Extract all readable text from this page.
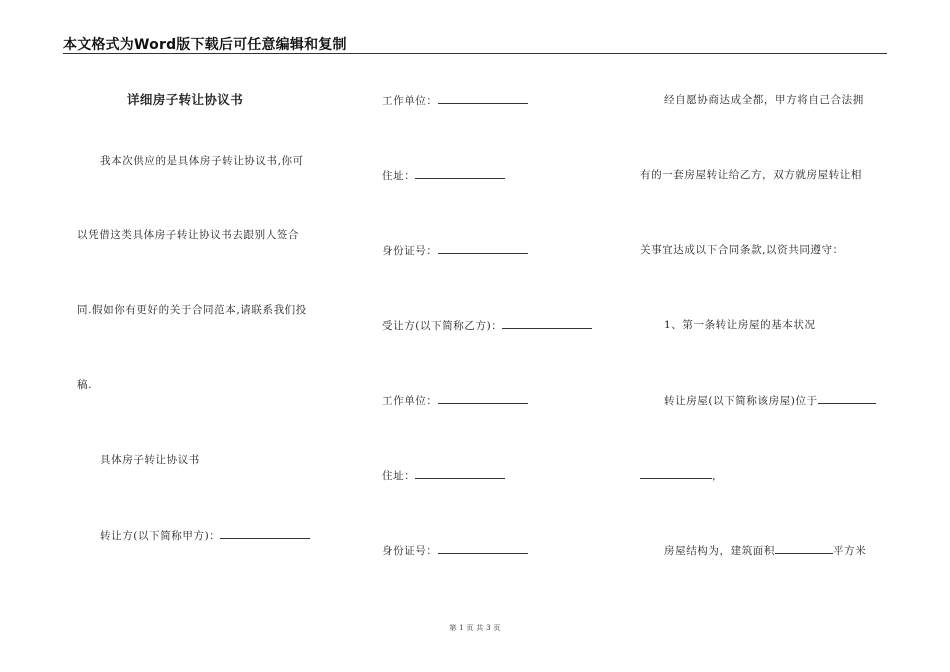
本文格式为Word版下载后可任意编辑和复制
详细房子转让协议书
我本次供应的是具体房子转让协议书,你可
以凭借这类具体房子转让协议书去跟别人签合
同.假如你有更好的关于合同范本,请联系我们投
稿.
具体房子转让协议书
转让方(以下简称甲方)：
工作单位：
住址：
身份证号：
受让方(以下简称乙方)：
工作单位：
住址：
身份证号：
经自愿协商达成全都，甲方将自己合法拥
有的一套房屋转让给乙方，双方就房屋转让相
关事宜达成以下合同条款,以资共同遵守：
1、第一条转让房屋的基本状况
转让房屋(以下简称该房屋)位于
，
房屋结构为，建筑面积	平方米
第 1 页 共 3 页
